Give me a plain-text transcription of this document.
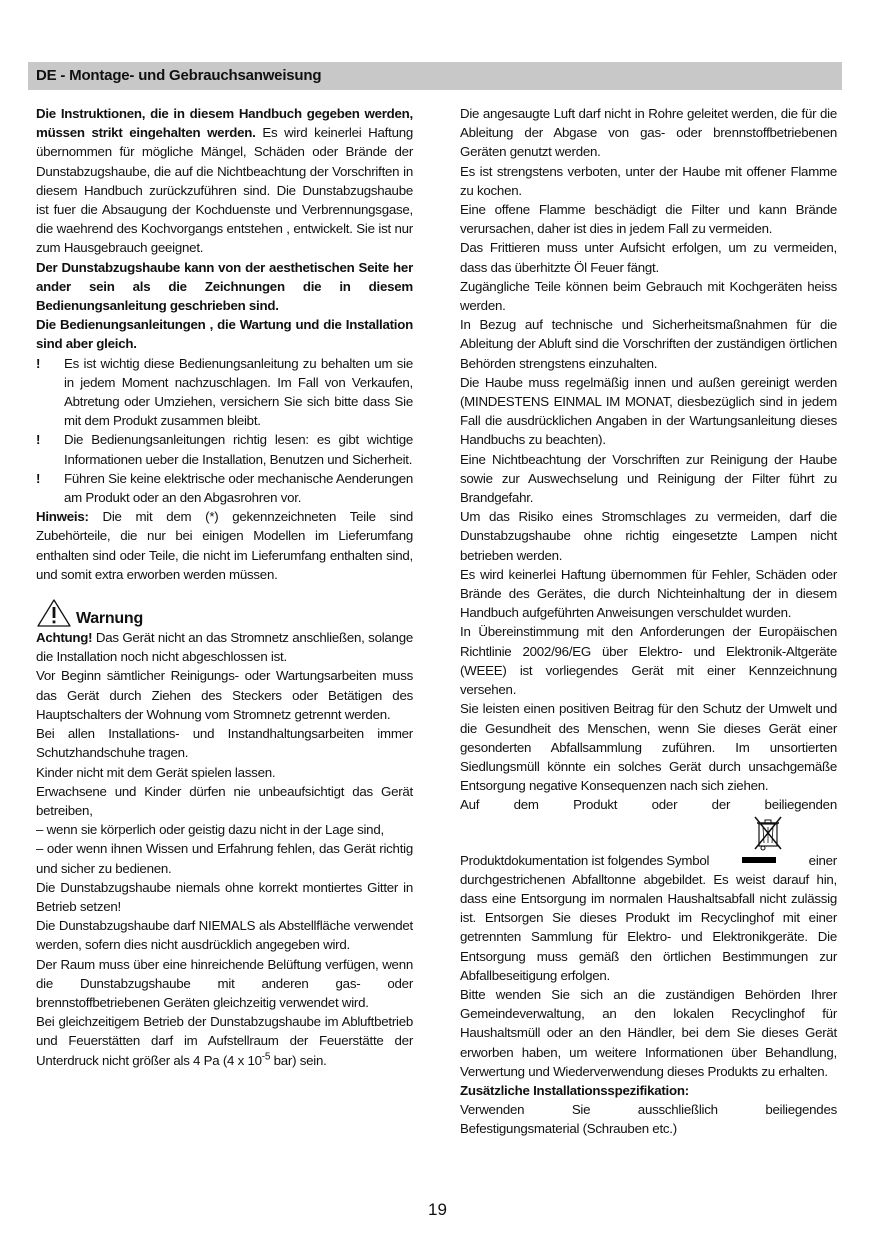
DE - Montage- und Gebrauchsanweisung

Die Instruktionen, die in diesem Handbuch gegeben werden, müssen strikt eingehalten werden. Es wird keinerlei Haftung übernommen für mögliche Mängel, Schäden oder Brände der Dunstabzugshaube, die auf die Nichtbeachtung der Vorschriften in diesem Handbuch zurückzuführen sind. Die Dunstabzugshaube ist fuer die Absaugung der Kochduenste und Verbrennungsgase, die waehrend des Kochvorgangs entstehen , entwickelt. Sie ist nur zum Hausgebrauch geeignet.

Der Dunstabzugshaube kann von der aesthetischen Seite her ander sein als die Zeichnungen die in diesem Bedienungsanleitung geschrieben sind.

Die Bedienungsanleitungen , die Wartung und die Installation sind aber gleich.

! Es ist wichtig diese Bedienungsanleitung zu behalten um sie in jedem Moment nachzuschlagen. Im Fall von Verkaufen, Abtretung oder Umziehen, versichern Sie sich bitte dass Sie mit dem Produkt zusammen bleibt.
! Die Bedienungsanleitungen richtig lesen: es gibt wichtige Informationen ueber die Installation, Benutzen und Sicherheit.
! Führen Sie keine elektrische oder mechanische Aenderungen am Produkt oder an den Abgasrohren vor.

Hinweis: Die mit dem (*) gekennzeichneten Teile sind Zubehörteile, die nur bei einigen Modellen im Lieferumfang enthalten sind oder Teile, die nicht im Lieferumfang enthalten sind, und somit extra erworben werden müssen.

Warnung

Achtung! Das Gerät nicht an das Stromnetz anschließen, solange die Installation noch nicht abgeschlossen ist.

Vor Beginn sämtlicher Reinigungs- oder Wartungsarbeiten muss das Gerät durch Ziehen des Steckers oder Betätigen des Hauptschalters der Wohnung vom Stromnetz getrennt werden.

Bei allen Installations- und Instandhaltungsarbeiten immer Schutzhandschuhe tragen.

Kinder nicht mit dem Gerät spielen lassen.

Erwachsene und Kinder dürfen nie unbeaufsichtigt das Gerät betreiben,

– wenn sie körperlich oder geistig dazu nicht in der Lage sind,

– oder wenn ihnen Wissen und Erfahrung fehlen, das Gerät richtig und sicher zu bedienen.

Die Dunstabzugshaube niemals ohne korrekt montiertes Gitter in Betrieb setzen!

Die Dunstabzugshaube darf NIEMALS als Abstellfläche verwendet werden, sofern dies nicht ausdrücklich angegeben wird.

Der Raum muss über eine hinreichende Belüftung verfügen, wenn die Dunstabzugshaube mit anderen gas- oder brennstoffbetriebenen Geräten gleichzeitig verwendet wird.

Bei gleichzeitigem Betrieb der Dunstabzugshaube im Abluftbetrieb und Feuerstätten darf im Aufstellraum der Feuerstätte der Unterdruck nicht größer als 4 Pa (4 x $10^{-5}$ bar) sein.

Die angesaugte Luft darf nicht in Rohre geleitet werden, die für die Ableitung der Abgase von gas- oder brennstoffbetriebenen Geräten genutzt werden.

Es ist strengstens verboten, unter der Haube mit offener Flamme zu kochen.

Eine offene Flamme beschädigt die Filter und kann Brände verursachen, daher ist dies in jedem Fall zu vermeiden.

Das Frittieren muss unter Aufsicht erfolgen, um zu vermeiden, dass das überhitzte Öl Feuer fängt.

Zugängliche Teile können beim Gebrauch mit Kochgeräten heiss werden.

In Bezug auf technische und Sicherheitsmaßnahmen für die Ableitung der Abluft sind die Vorschriften der zuständigen örtlichen Behörden strengstens einzuhalten.

Die Haube muss regelmäßig innen und außen gereinigt werden (MINDESTENS EINMAL IM MONAT, diesbezüglich sind in jedem Fall die ausdrücklichen Angaben in der Wartungsanleitung dieses Handbuchs zu beachten).

Eine Nichtbeachtung der Vorschriften zur Reinigung der Haube sowie zur Auswechselung und Reinigung der Filter führt zu Brandgefahr.

Um das Risiko eines Stromschlages zu vermeiden, darf die Dunstabzugshaube ohne richtig eingesetzte Lampen nicht betrieben werden.

Es wird keinerlei Haftung übernommen für Fehler, Schäden oder Brände des Gerätes, die durch Nichteinhaltung der in diesem Handbuch aufgeführten Anweisungen verschuldet wurden.

In Übereinstimmung mit den Anforderungen der Europäischen Richtlinie 2002/96/EG über Elektro- und Elektronik-Altgeräte (WEEE) ist vorliegendes Gerät mit einer Kennzeichnung versehen.

Sie leisten einen positiven Beitrag für den Schutz der Umwelt und die Gesundheit des Menschen, wenn Sie dieses Gerät einer gesonderten Abfallsammlung zuführen. Im unsortierten Siedlungsmüll könnte ein solches Gerät durch unsachgemäße Entsorgung negative Konsequenzen nach sich ziehen.

Auf	dem	Produkt	oder	der	beiliegenden
Produktdokumentation ist folgendes Symbol	einer

durchgestrichenen Abfalltonne abgebildet. Es weist darauf hin, dass eine Entsorgung im normalen Haushaltsabfall nicht zulässig ist. Entsorgen Sie dieses Produkt im Recyclinghof mit einer getrennten Sammlung für Elektro- und Elektronikgeräte. Die Entsorgung muss gemäß den örtlichen Bestimmungen zur Abfallbeseitigung erfolgen.

Bitte wenden Sie sich an die zuständigen Behörden Ihrer Gemeindeverwaltung, an den lokalen Recyclinghof für Haushaltsmüll oder an den Händler, bei dem Sie dieses Gerät erworben haben, um weitere Informationen über Behandlung, Verwertung und Wiederverwendung dieses Produkts zu erhalten.

Zusätzliche Installationsspezifikation:

Verwenden	Sie	ausschließlich	beiliegendes

Befestigungsmaterial (Schrauben etc.)

19
